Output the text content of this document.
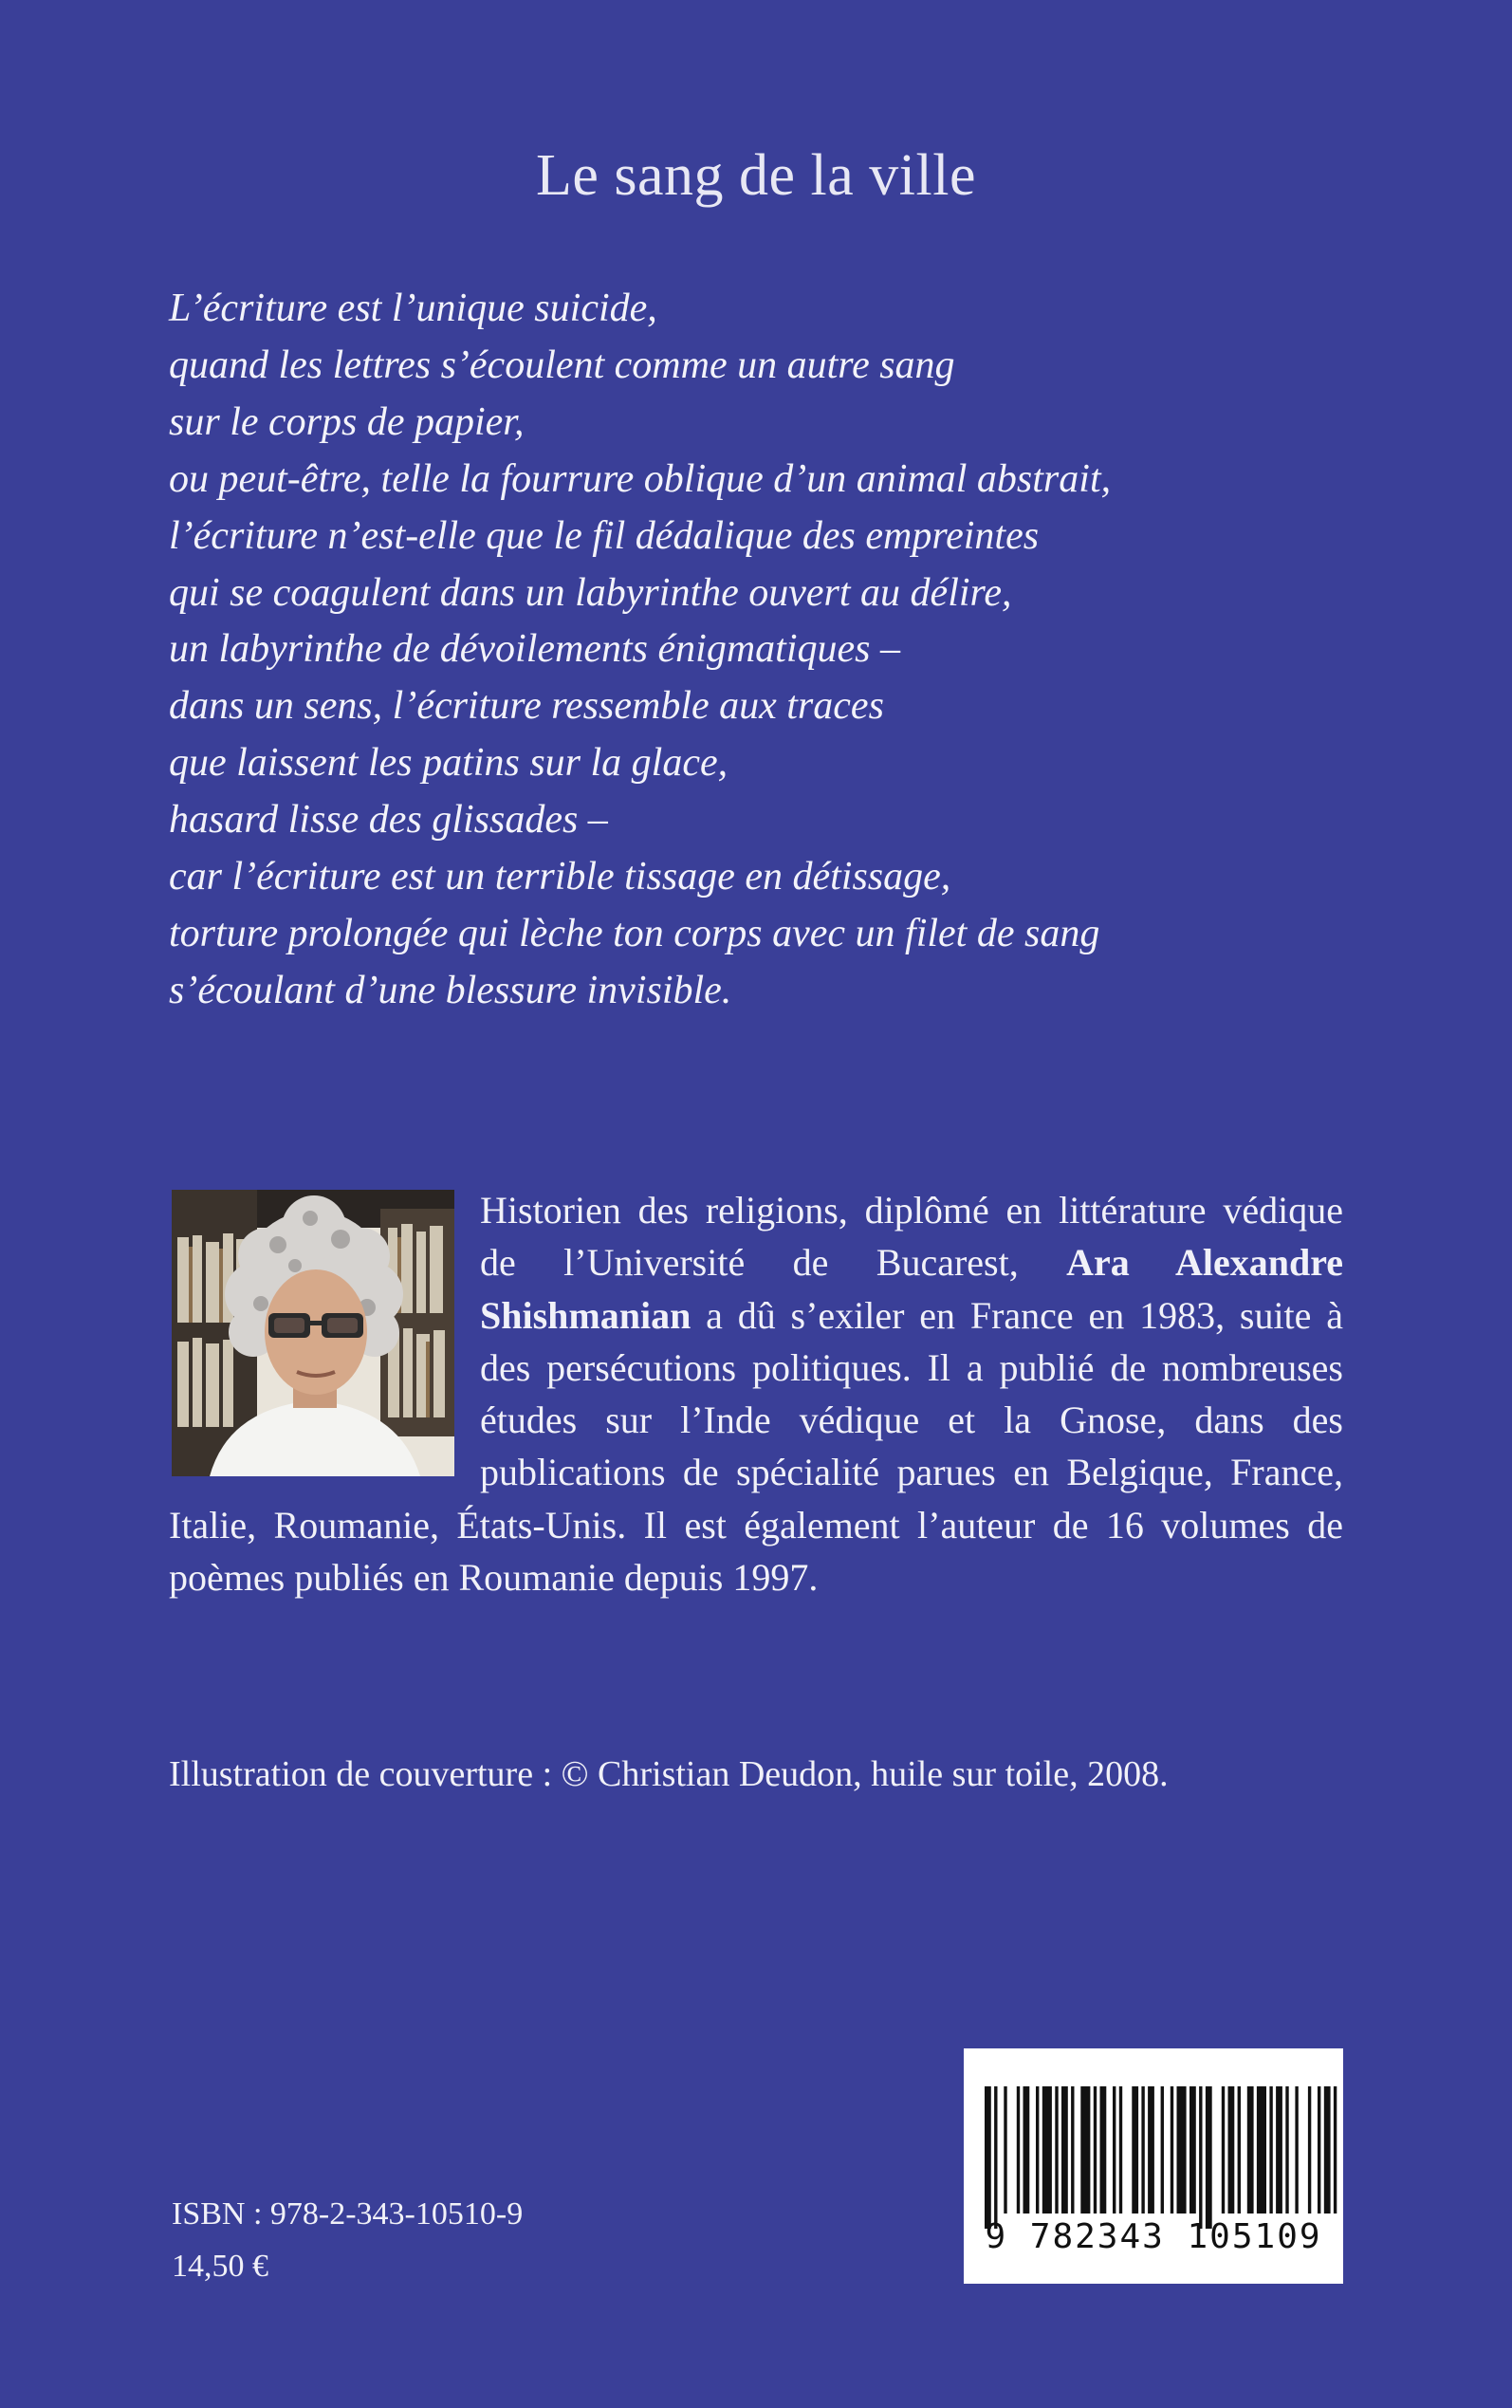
Le sang de la ville
L’écriture est l’unique suicide,
quand les lettres s’écoulent comme un autre sang
sur le corps de papier,
ou peut-être, telle la fourrure oblique d’un animal abstrait,
l’écriture n’est-elle que le fil dédalique des empreintes
qui se coagulent dans un labyrinthe ouvert au délire,
un labyrinthe de dévoilements énigmatiques –
dans un sens, l’écriture ressemble aux traces
que laissent les patins sur la glace,
hasard lisse des glissades –
car l’écriture est un terrible tissage en détissage,
torture prolongée qui lèche ton corps avec un filet de sang
s’écoulant d’une blessure invisible.
Historien des religions, diplômé en littérature védique de l’Université de Bucarest, Ara Alexandre Shishmanian a dû s’exiler en France en 1983, suite à des persécutions politiques. Il a publié de nombreuses études sur l’Inde védique et la Gnose, dans des publications de spécialité parues en Belgique, France, Italie, Roumanie, États-Unis. Il est également l’auteur de 16 volumes de poèmes publiés en Roumanie depuis 1997.
Illustration de couverture : © Christian Deudon, huile sur toile, 2008.
9 782343 105109
ISBN : 978-2-343-10510-9
14,50 €
